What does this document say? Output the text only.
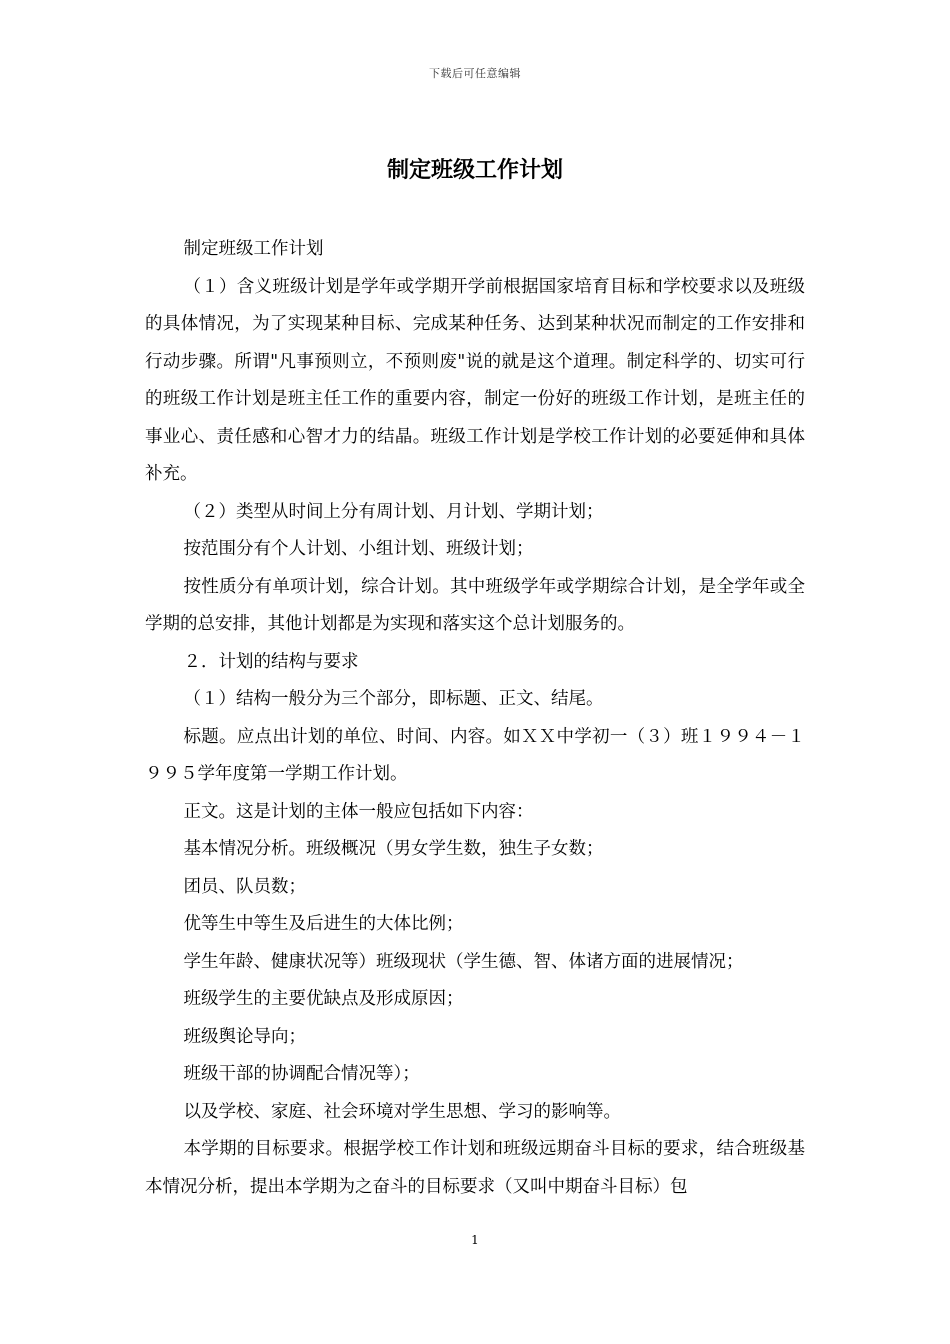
下载后可任意编辑
制定班级工作计划

制定班级工作计划

（１）含义班级计划是学年或学期开学前根据国家培育目标和学校要求以及班级的具体情况，为了实现某种目标、完成某种任务、达到某种状况而制定的工作安排和行动步骤。所谓"凡事预则立，不预则废"说的就是这个道理。制定科学的、切实可行的班级工作计划是班主任工作的重要内容，制定一份好的班级工作计划，是班主任的事业心、责任感和心智才力的结晶。班级工作计划是学校工作计划的必要延伸和具体补充。

（２）类型从时间上分有周计划、月计划、学期计划；

按范围分有个人计划、小组计划、班级计划；

按性质分有单项计划，综合计划。其中班级学年或学期综合计划，是全学年或全学期的总安排，其他计划都是为实现和落实这个总计划服务的。

２．计划的结构与要求

（１）结构一般分为三个部分，即标题、正文、结尾。

标题。应点出计划的单位、时间、内容。如ＸＸ中学初一（３）班１９９４－１９９５学年度第一学期工作计划。

正文。这是计划的主体一般应包括如下内容：

基本情况分析。班级概况（男女学生数，独生子女数；

团员、队员数；

优等生中等生及后进生的大体比例；

学生年龄、健康状况等）班级现状（学生德、智、体诸方面的进展情况；

班级学生的主要优缺点及形成原因；

班级舆论导向；

班级干部的协调配合情况等）；

以及学校、家庭、社会环境对学生思想、学习的影响等。

本学期的目标要求。根据学校工作计划和班级远期奋斗目标的要求，结合班级基本情况分析，提出本学期为之奋斗的目标要求（又叫中期奋斗目标）包

1
